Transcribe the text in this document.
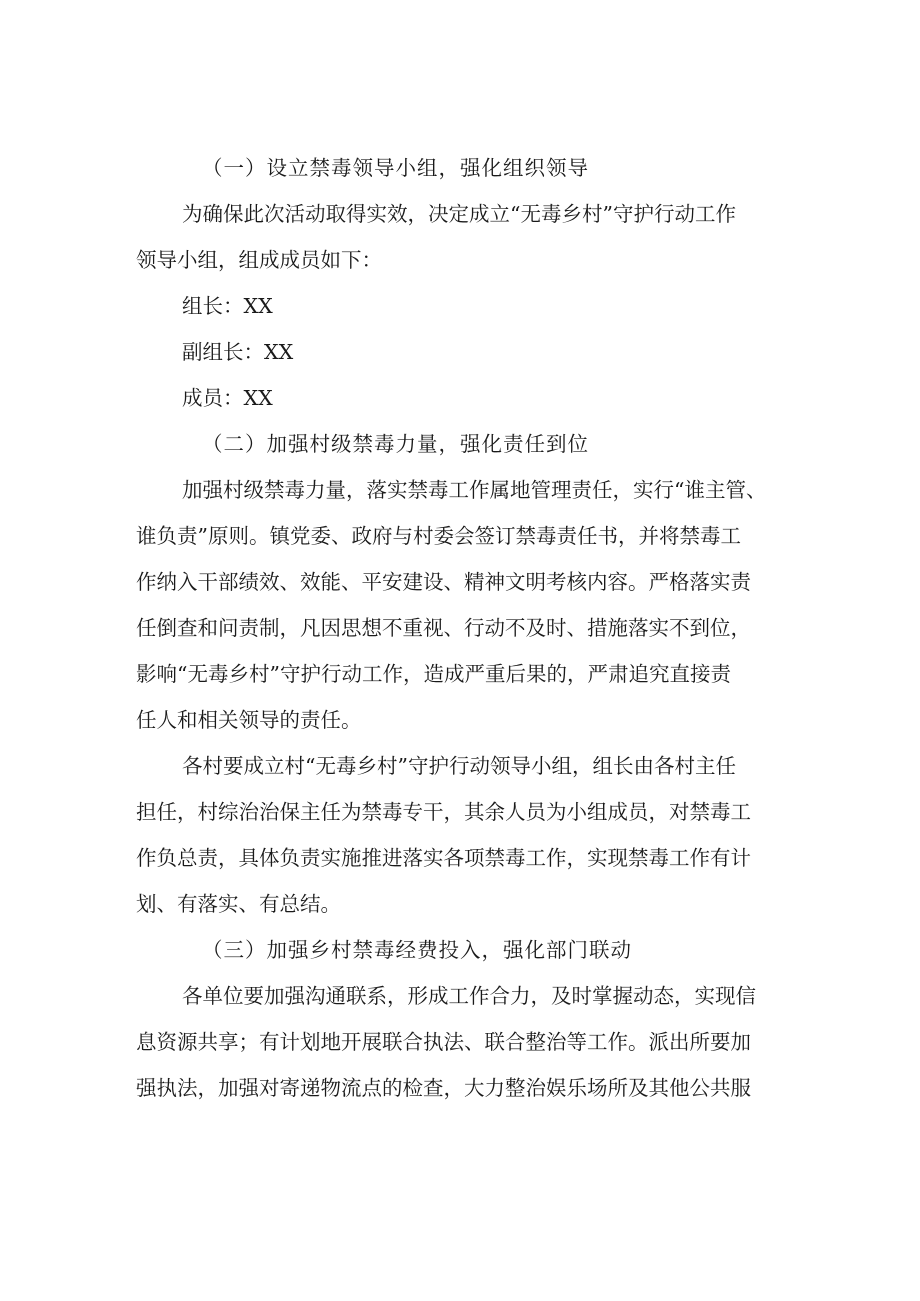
（一）设立禁毒领导小组，强化组织领导

为确保此次活动取得实效，决定成立“无毒乡村”守护行动工作

领导小组，组成成员如下：

组长：XX

副组长：XX

成员：XX

（二）加强村级禁毒力量，强化责任到位

加强村级禁毒力量，落实禁毒工作属地管理责任，实行“谁主管、

谁负责”原则。镇党委、政府与村委会签订禁毒责任书，并将禁毒工

作纳入干部绩效、效能、平安建设、精神文明考核内容。严格落实责

任倒查和问责制，凡因思想不重视、行动不及时、措施落实不到位，

影响“无毒乡村”守护行动工作，造成严重后果的，严肃追究直接责

任人和相关领导的责任。

各村要成立村“无毒乡村”守护行动领导小组，组长由各村主任

担任，村综治治保主任为禁毒专干，其余人员为小组成员，对禁毒工

作负总责，具体负责实施推进落实各项禁毒工作，实现禁毒工作有计

划、有落实、有总结。

（三）加强乡村禁毒经费投入，强化部门联动

各单位要加强沟通联系，形成工作合力，及时掌握动态，实现信

息资源共享；有计划地开展联合执法、联合整治等工作。派出所要加

强执法，加强对寄递物流点的检查，大力整治娱乐场所及其他公共服
